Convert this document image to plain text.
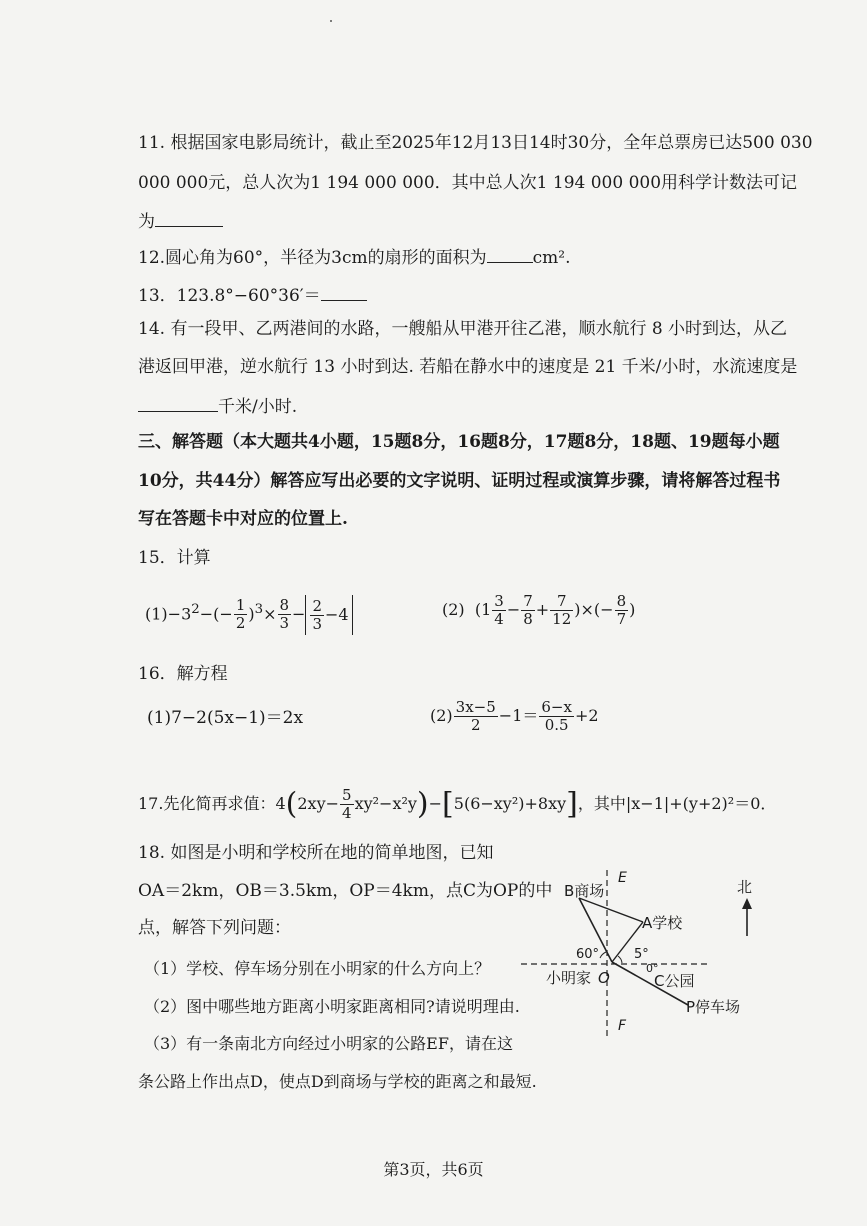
11. 根据国家电影局统计，截止至2025年12月13日14时30分，全年总票房已达500 030
000 000元，总人次为1 194 000 000．其中总人次1 194 000 000用科学计数法可记
为
12.圆心角为60°，半径为3cm的扇形的面积为	cm².
13．123.8°−60°36′＝
14. 有一段甲、乙两港间的水路，一艘船从甲港开往乙港，顺水航行 8 小时到达，从乙
港返回甲港，逆水航行 13 小时到达. 若船在静水中的速度是 21 千米/小时，水流速度是
千米/小时.
三、解答题（本大题共4小题，15题8分，16题8分，17题8分，18题、19题每小题
10分，共44分）解答应写出必要的文字说明、证明过程或演算步骤，请将解答过程书
写在答题卡中对应的位置上.
15．计算
$(1)-3^2-(- \frac{1}{2} )^3\times \frac{8}{3} - \frac{2}{3} -4$	(2) ($1 \frac{3}{4} - \frac{7}{8} + \frac{7}{12}$ )×(− $\frac{8}{7}$ )
16．解方程
(1)7−2(5x−1)＝2x	$(2) \frac{3x-5}{2} -1= \frac{6-x}{0.5} +2$
17.先化简再求值：$4(2xy- \frac{5}{4} xy^2-x^2y)-[5(6-xy^2)+8xy]$，其中|x−1|+(y+2)²＝0．
18. 如图是小明和学校所在地的简单地图，已知
OA＝2km，OB＝3.5km，OP＝4km，点C为OP的中
点，解答下列问题：
（1）学校、停车场分别在小明家的什么方向上？
（2）图中哪些地方距离小明家距离相同?请说明理由.
（3）有一条南北方向经过小明家的公路EF，请在这
条公路上作出点D，使点D到商场与学校的距离之和最短.
B商场
A学校
C公园
P停车场
小明家 O
E
F
60°	5°
0°
北
第3页，共6页
